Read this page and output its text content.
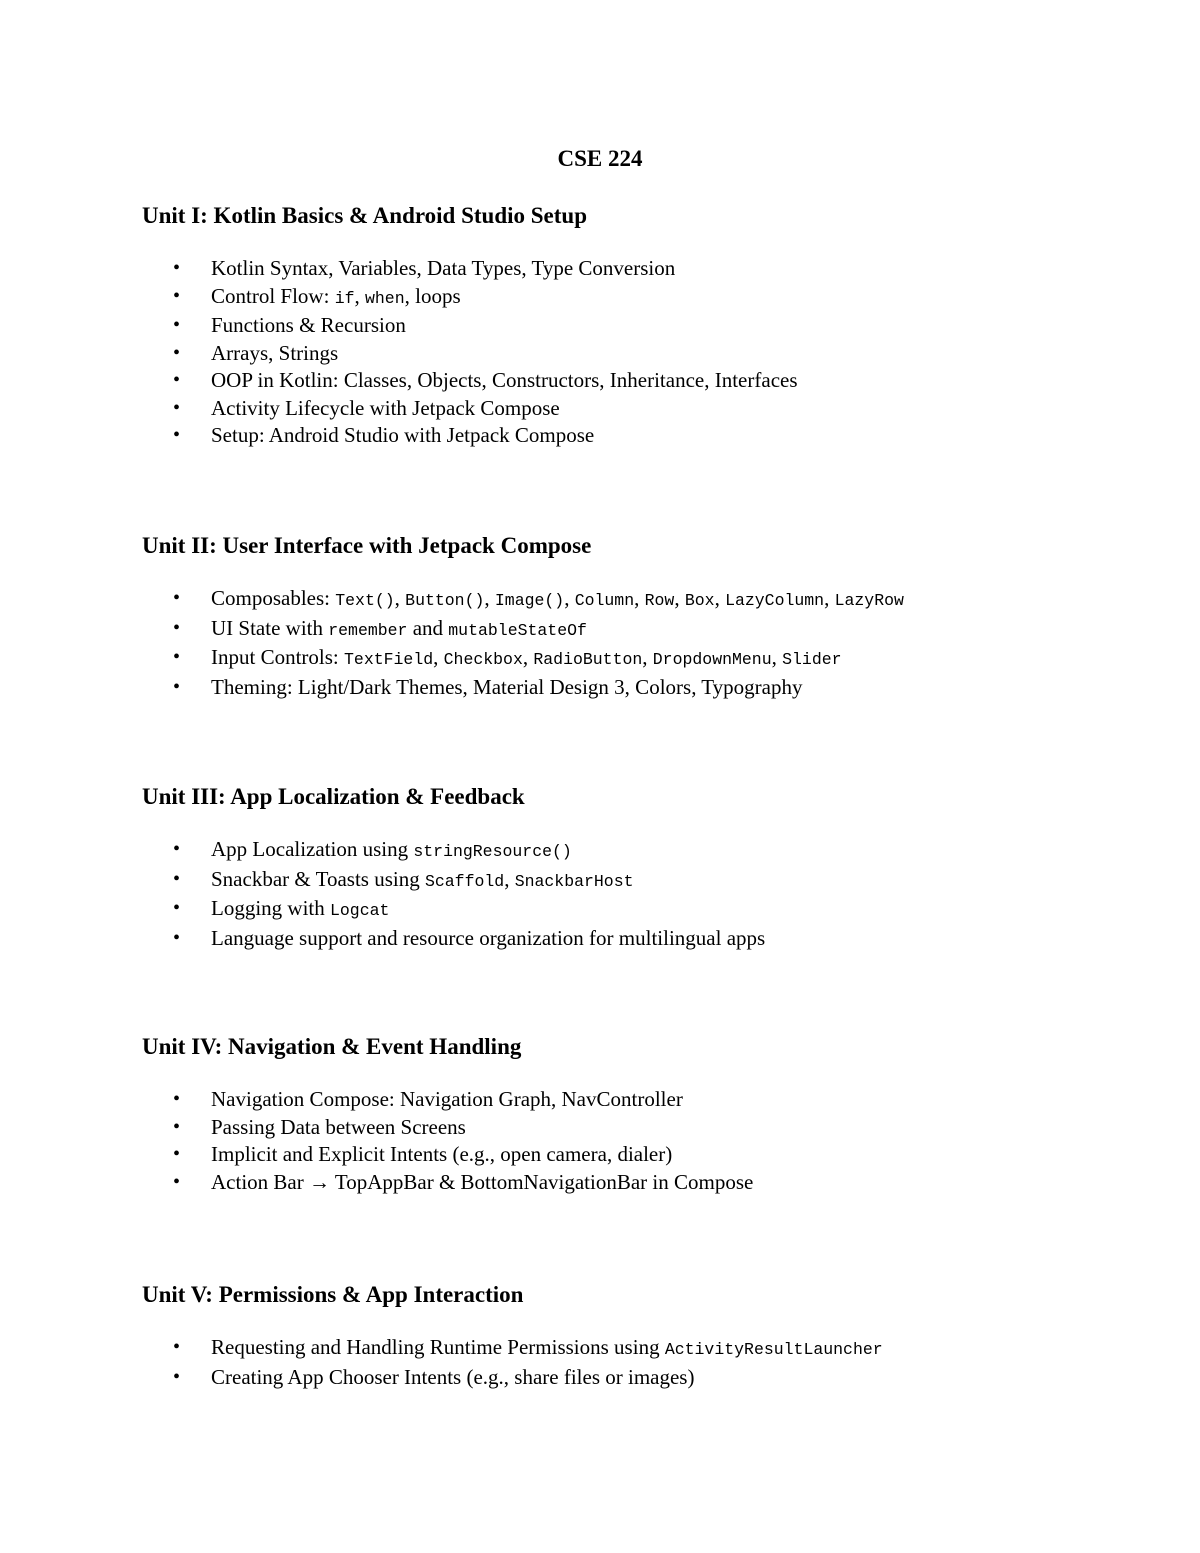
CSE 224
Unit I: Kotlin Basics & Android Studio Setup
• Kotlin Syntax, Variables, Data Types, Type Conversion
• Control Flow: if, when, loops
• Functions & Recursion
• Arrays, Strings
• OOP in Kotlin: Classes, Objects, Constructors, Inheritance, Interfaces
• Activity Lifecycle with Jetpack Compose
• Setup: Android Studio with Jetpack Compose
Unit II: User Interface with Jetpack Compose
• Composables: Text(), Button(), Image(), Column, Row, Box, LazyColumn, LazyRow
• UI State with remember and mutableStateOf
• Input Controls: TextField, Checkbox, RadioButton, DropdownMenu, Slider
• Theming: Light/Dark Themes, Material Design 3, Colors, Typography
Unit III: App Localization & Feedback
• App Localization using stringResource()
• Snackbar & Toasts using Scaffold, SnackbarHost
• Logging with Logcat
• Language support and resource organization for multilingual apps
Unit IV: Navigation & Event Handling
• Navigation Compose: Navigation Graph, NavController
• Passing Data between Screens
• Implicit and Explicit Intents (e.g., open camera, dialer)
• Action Bar → TopAppBar & BottomNavigationBar in Compose
Unit V: Permissions & App Interaction
• Requesting and Handling Runtime Permissions using ActivityResultLauncher
• Creating App Chooser Intents (e.g., share files or images)
